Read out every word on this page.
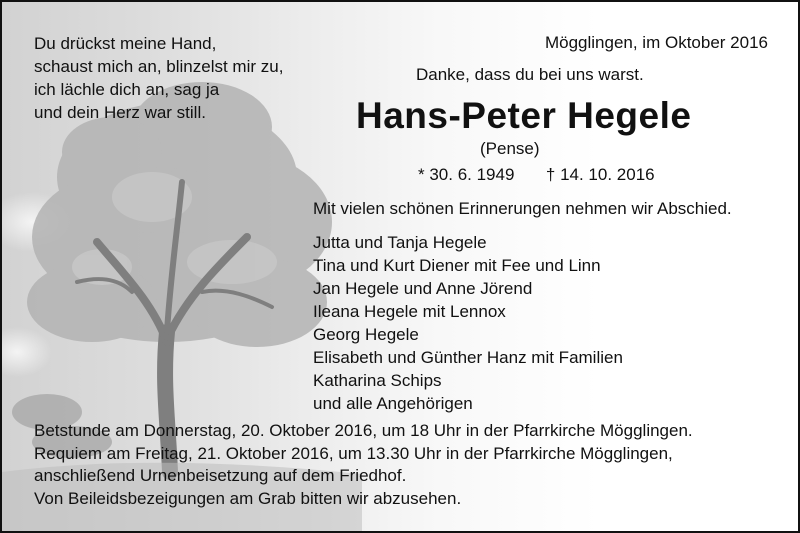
Du drückst meine Hand,
schaust mich an, blinzelst mir zu,
ich lächle dich an, sag ja
und dein Herz war still.
Mögglingen, im Oktober 2016
Danke, dass du bei uns warst.
Hans-Peter Hegele
(Pense)
* 30. 6. 1949 † 14. 10. 2016
Mit vielen schönen Erinnerungen nehmen wir Abschied.
Jutta und Tanja Hegele
Tina und Kurt Diener mit Fee und Linn
Jan Hegele und Anne Jörend
Ileana Hegele mit Lennox
Georg Hegele
Elisabeth und Günther Hanz mit Familien
Katharina Schips
und alle Angehörigen
Betstunde am Donnerstag, 20. Oktober 2016, um 18 Uhr in der Pfarrkirche Mögglingen.
Requiem am Freitag, 21. Oktober 2016, um 13.30 Uhr in der Pfarrkirche Mögglingen,
anschließend Urnenbeisetzung auf dem Friedhof.
Von Beileidsbezeigungen am Grab bitten wir abzusehen.
